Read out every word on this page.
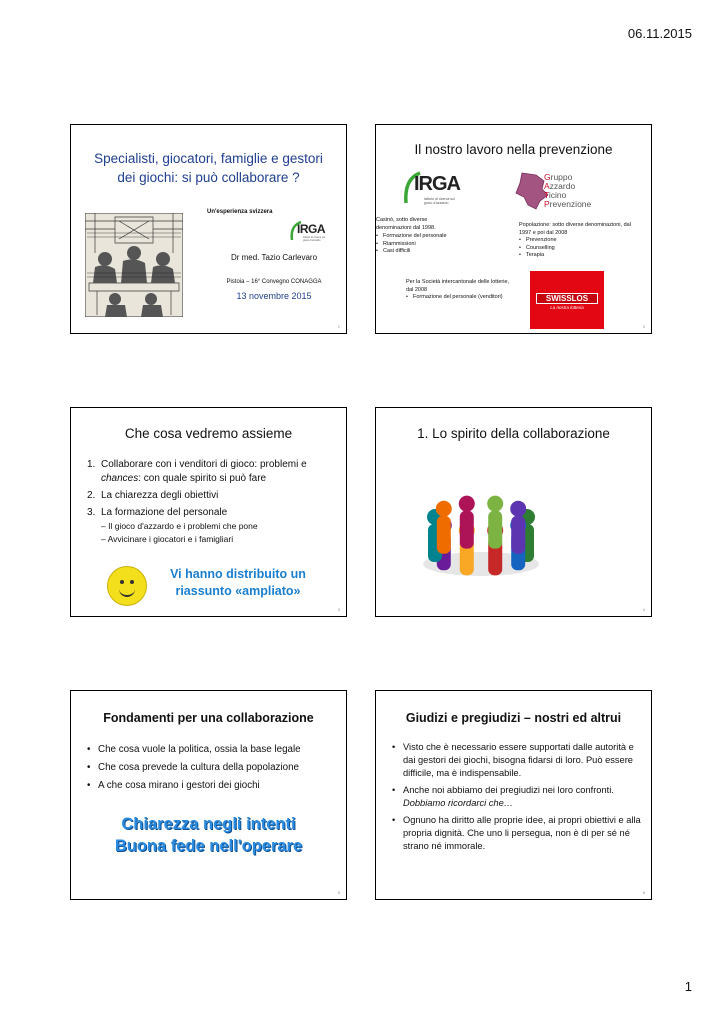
06.11.2015
Specialisti, giocatori, famiglie e gestori dei giochi: si può collaborare ?
Un'esperienza svizzera
IRGA
istituto di ricerca sul gioco d'azzardo
Dr med. Tazio Carlevaro
Pistoia – 16° Convegno CONAGGA
13 novembre 2015
1
Il nostro lavoro nella prevenzione
IRGA
istituto di ricerca sul gioco d'azzardo
Gruppo
Azzardo
Ticino
Prevenzione
Casinò, sotto diverse denominazioni dal 1998.
• Formazione del personale
• Riammissioni
• Casi difficili
Popolazione: sotto diverse denominazioni, dal 1997 e poi dal 2008
• Prevenzione
• Counselling
• Terapia
Per la Società intercantonale delle lotterie, dal 2008
• Formazione del personale (venditori)	SWISSLOS
La nostra lotteria
2
Che cosa vedremo assieme
1. Collaborare con i venditori di gioco: problemi e chances: con quale spirito si può fare
2. La chiarezza degli obiettivi
3. La formazione del personale
– Il gioco d'azzardo e i problemi che pone
– Avvicinare i giocatori e i famigliari
Vi hanno distribuito un
riassunto «ampliato»
3
1. Lo spirito della collaborazione
4
Fondamenti per una collaborazione
• Che cosa vuole la politica, ossia la base legale
• Che cosa prevede la cultura della popolazione
• A che cosa mirano i gestori dei giochi
Chiarezza negli intenti
Buona fede nell'operare
5
Giudizi e pregiudizi – nostri ed altrui
• Visto che è necessario essere supportati dalle autorità e dai gestori dei giochi, bisogna fidarsi di loro. Può essere difficile, ma è indispensabile.
• Anche noi abbiamo dei pregiudizi nei loro confronti. Dobbiamo ricordarci che…
• Ognuno ha diritto alle proprie idee, ai propri obiettivi e alla propria dignità. Che uno li persegua, non è di per sé né strano né immorale.
6
1
